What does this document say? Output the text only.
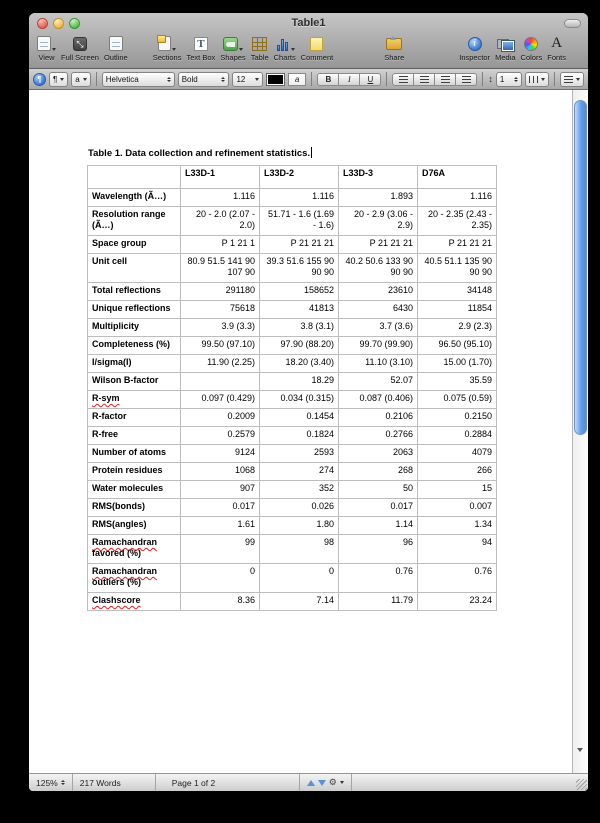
Table1
View
⤡
Full Screen Outline	Sections
T
Text Box Shapes Table Charts Comment	Share
i
Inspector Media Colors
A
Fonts
¶	¶ a	Helvetica	Bold	12	a	B	I	U	↕ 1
Table 1. Data collection and refinement statistics.
	L33D-1	L33D-2	L33D-3	D76A
Wavelength (Ã…)	1.116	1.116	1.893	1.116
Resolution range (Ã…)	20 - 2.0 (2.07 - 2.0)	51.71 - 1.6 (1.69 - 1.6)	20 - 2.9 (3.06 - 2.9)	20 - 2.35 (2.43 - 2.35)
Space group	P 1 21 1	P 21 21 21	P 21 21 21	P 21 21 21
Unit cell	80.9 51.5 141 90 107 90	39.3 51.6 155 90 90 90	40.2 50.6 133 90 90 90	40.5 51.1 135 90 90 90
Total reflections	291180	158652	23610	34148
Unique reflections	75618	41813	6430	11854
Multiplicity	3.9 (3.3)	3.8 (3.1)	3.7 (3.6)	2.9 (2.3)
Completeness (%)	99.50 (97.10)	97.90 (88.20)	99.70 (99.90)	96.50 (95.10)
I/sigma(I)	11.90 (2.25)	18.20 (3.40)	11.10 (3.10)	15.00 (1.70)
Wilson B-factor		18.29	52.07	35.59
R-sym	0.097 (0.429)	0.034 (0.315)	0.087 (0.406)	0.075 (0.59)
R-factor	0.2009	0.1454	0.2106	0.2150
R-free	0.2579	0.1824	0.2766	0.2884
Number of atoms	9124	2593	2063	4079
Protein residues	1068	274	268	266
Water molecules	907	352	50	15
RMS(bonds)	0.017	0.026	0.017	0.007
RMS(angles)	1.61	1.80	1.14	1.34
Ramachandran favored (%)	99	98	96	94
Ramachandran outliers (%)	0	0	0.76	0.76
Clashscore	8.36	7.14	11.79	23.24
125%	217 Words	Page 1 of 2	⚙
